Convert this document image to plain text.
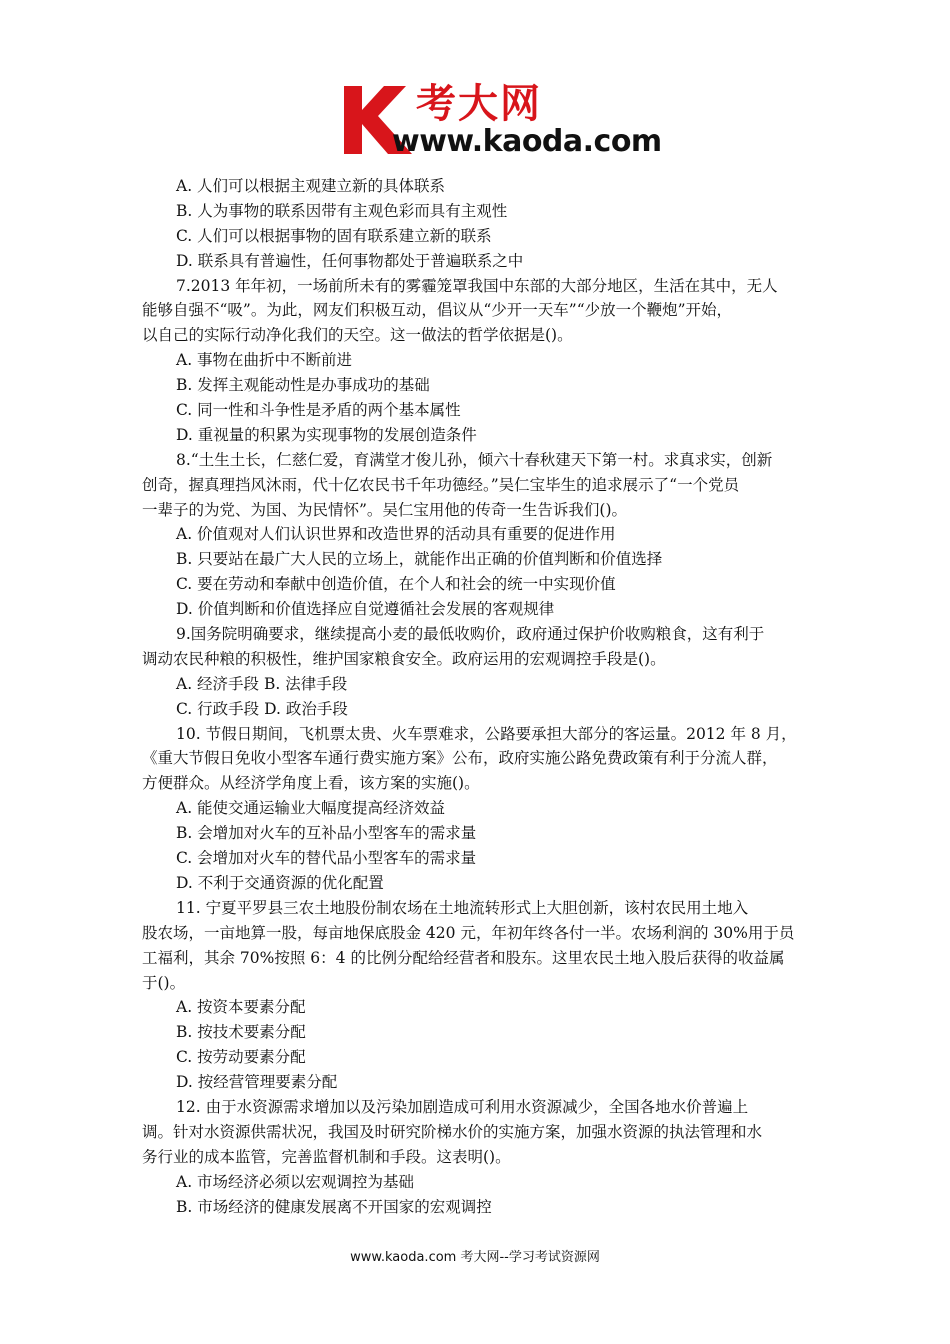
考大网
www.kaoda.com
A. 人们可以根据主观建立新的具体联系
B. 人为事物的联系因带有主观色彩而具有主观性
C. 人们可以根据事物的固有联系建立新的联系
D. 联系具有普遍性，任何事物都处于普遍联系之中
7.2013 年年初，一场前所未有的雾霾笼罩我国中东部的大部分地区，生活在其中，无人
能够自强不“吸”。为此，网友们积极互动，倡议从“少开一天车”“少放一个鞭炮”开始，
以自己的实际行动净化我们的天空。这一做法的哲学依据是()。
A. 事物在曲折中不断前进
B. 发挥主观能动性是办事成功的基础
C. 同一性和斗争性是矛盾的两个基本属性
D. 重视量的积累为实现事物的发展创造条件
8.“土生土长，仁慈仁爱，育满堂才俊儿孙，倾六十春秋建天下第一村。求真求实，创新
创奇，握真理挡风沐雨，代十亿农民书千年功德经。”吴仁宝毕生的追求展示了“一个党员
一辈子的为党、为国、为民情怀”。吴仁宝用他的传奇一生告诉我们()。
A. 价值观对人们认识世界和改造世界的活动具有重要的促进作用
B. 只要站在最广大人民的立场上，就能作出正确的价值判断和价值选择
C. 要在劳动和奉献中创造价值，在个人和社会的统一中实现价值
D. 价值判断和价值选择应自觉遵循社会发展的客观规律
9.国务院明确要求，继续提高小麦的最低收购价，政府通过保护价收购粮食，这有利于
调动农民种粮的积极性，维护国家粮食安全。政府运用的宏观调控手段是()。
A. 经济手段 B. 法律手段
C. 行政手段 D. 政治手段
10. 节假日期间，飞机票太贵、火车票难求，公路要承担大部分的客运量。2012 年 8 月，
《重大节假日免收小型客车通行费实施方案》公布，政府实施公路免费政策有利于分流人群，
方便群众。从经济学角度上看，该方案的实施()。
A. 能使交通运输业大幅度提高经济效益
B. 会增加对火车的互补品小型客车的需求量
C. 会增加对火车的替代品小型客车的需求量
D. 不利于交通资源的优化配置
11. 宁夏平罗县三农土地股份制农场在土地流转形式上大胆创新，该村农民用土地入
股农场，一亩地算一股，每亩地保底股金 420 元，年初年终各付一半。农场利润的 30%用于员
工福利，其余 70%按照 6：4 的比例分配给经营者和股东。这里农民土地入股后获得的收益属
于()。
A. 按资本要素分配
B. 按技术要素分配
C. 按劳动要素分配
D. 按经营管理要素分配
12. 由于水资源需求增加以及污染加剧造成可利用水资源减少，全国各地水价普遍上
调。针对水资源供需状况，我国及时研究阶梯水价的实施方案，加强水资源的执法管理和水
务行业的成本监管，完善监督机制和手段。这表明()。
A. 市场经济必须以宏观调控为基础
B. 市场经济的健康发展离不开国家的宏观调控
www.kaoda.com 考大网--学习考试资源网
